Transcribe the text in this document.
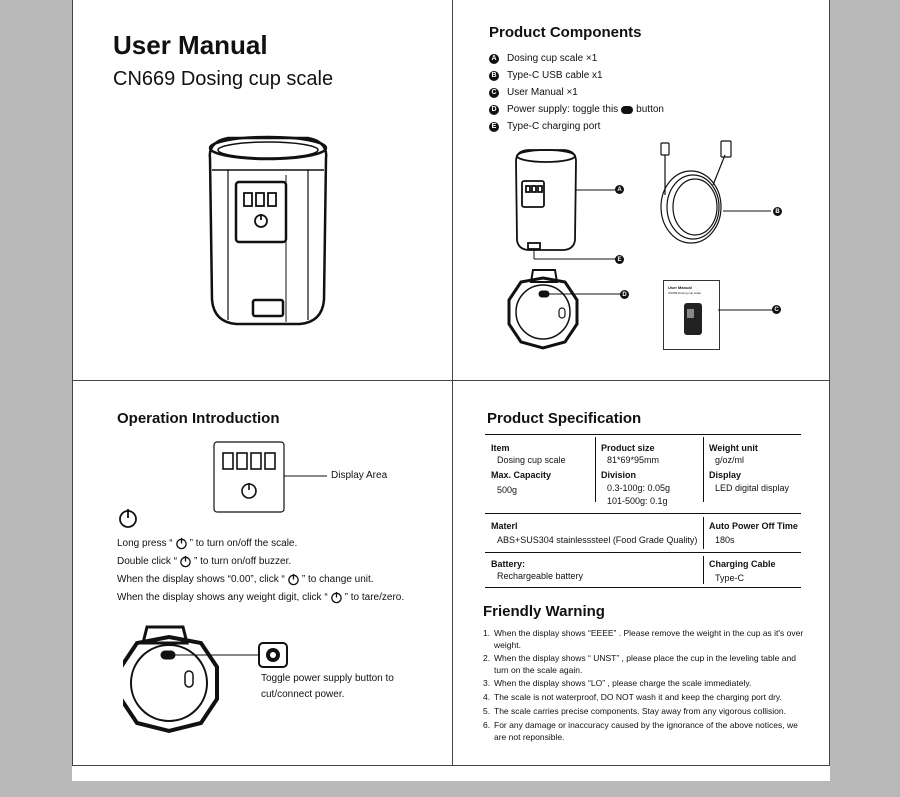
User Manual
CN669 Dosing cup scale
Product Components
A Dosing cup scale ×1
B Type-C USB cable x1
C User Manual ×1
D Power supply: toggle this button
E Type-C charging port
A
E
B
D
User Manual
CN669 Dosing cup scale
C
Operation Introduction
Display Area
Long press “ ” to turn on/off the scale.
Double click “ ” to turn on/off buzzer.
When the display shows “0.00”, click “ ” to change unit.
When the display shows any weight digit, click “ ” to tare/zero.
Toggle power supply button to
cut/connect power.
Product Specification
Item
Dosing cup scale
Product size
81*69*95mm
Weight unit
g/oz/ml
Max. Capacity
500g
Division
0.3-100g: 0.05g
101-500g: 0.1g
Display
LED digital display
Materl
ABS+SUS304 stainlesssteel (Food Grade Quality)
Auto Power Off Time
180s
Battery:
Rechargeable battery
Charging Cable
Type-C
Friendly Warning
1. When the display shows “EEEE” . Please remove the weight in the cup as it's over weight.
2. When the display shows “ UNST” , please place the cup in the leveling table and turn on the scale again.
3. When the display shows “LO” , please charge the scale immediately.
4. The scale is not waterproof, DO NOT wash it and keep the charging port dry.
5. The scale carries precise components. Stay away from any vigorous collision.
6. For any damage or inaccuracy caused by the ignorance of the above notices, we are not reponsible.
